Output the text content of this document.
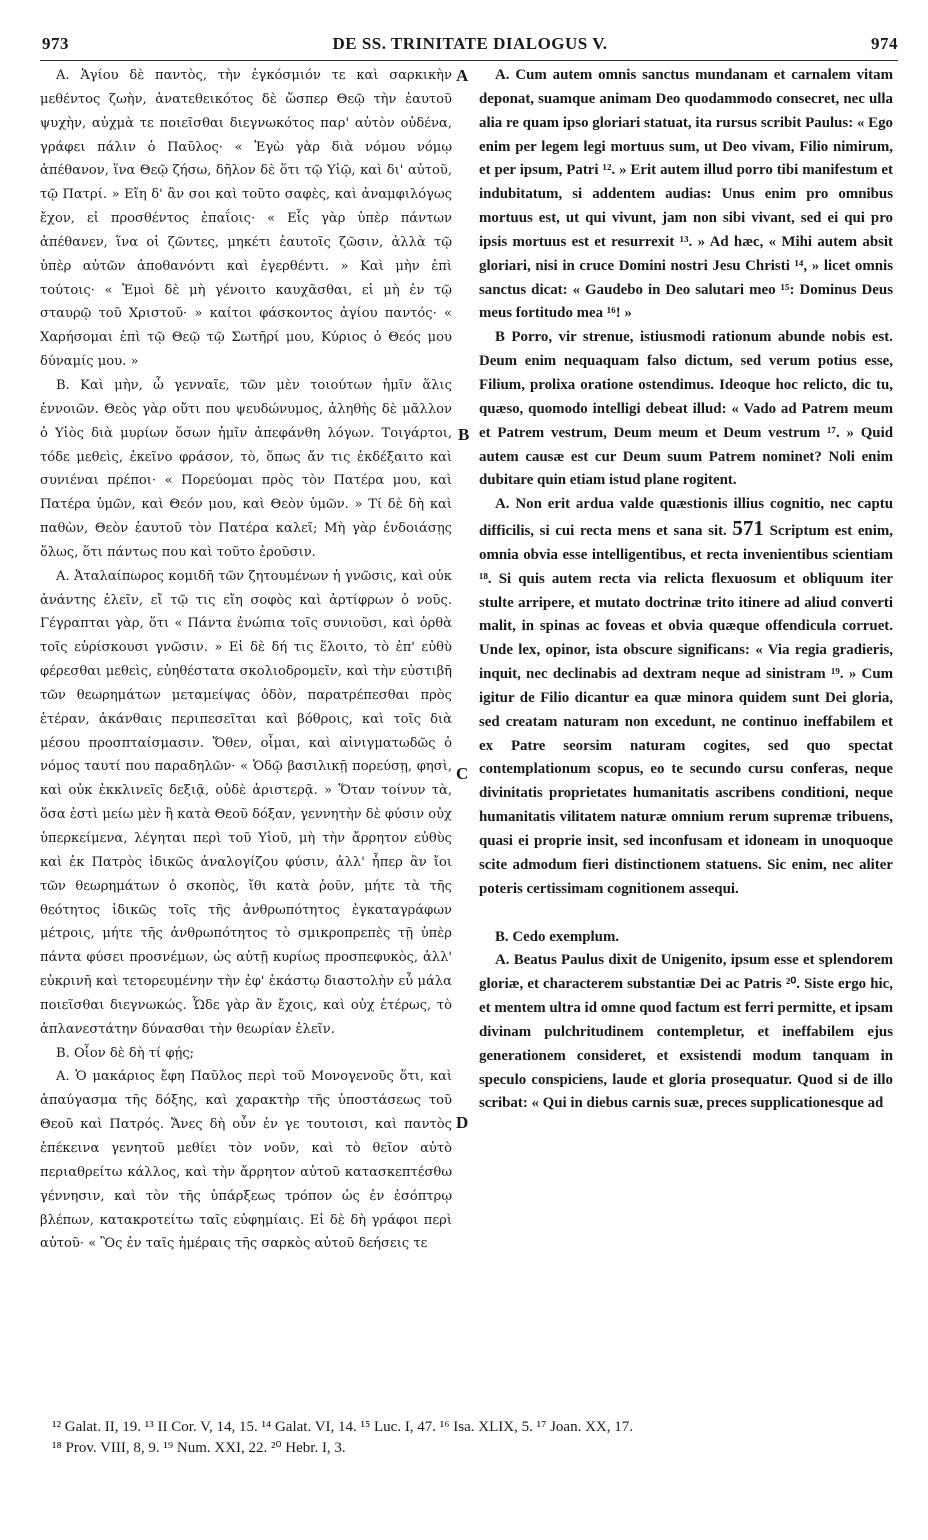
973	DE SS. TRINITATE DIALOGUS V.	974

Α. Ἁγίου δὲ παντὸς, τὴν ἐγκόσμιόν τε καὶ σαρκικὴν μεθέντος ζωὴν, ἀνατεθεικότος δὲ ὥσπερ Θεῷ τὴν ἑαυτοῦ ψυχὴν, αὐχμὰ τε ποιεῖσθαι διεγνωκότος παρ' αὐτὸν οὐδένα, γράφει πάλιν ὁ Παῦλος· « Ἐγὼ γὰρ διὰ νόμου νόμῳ ἀπέθανον, ἵνα Θεῷ ζήσω, δῆλον δὲ ὅτι τῷ Υἱῷ, καὶ δι' αὐτοῦ, τῷ Πατρί. » Εἴη δ' ἂν σοι καὶ τοῦτο σαφὲς, καὶ ἀναμφιλόγως ἔχον, εἰ προσθέντος ἐπαΐοις· « Εἷς γὰρ ὑπὲρ πάντων ἀπέθανεν, ἵνα οἱ ζῶντες, μηκέτι ἑαυτοῖς ζῶσιν, ἀλλὰ τῷ ὑπὲρ αὐτῶν ἀποθανόντι καὶ ἐγερθέντι. » Καὶ μὴν ἐπὶ τούτοις· « Ἐμοὶ δὲ μὴ γένοιτο καυχᾶσθαι, εἰ μὴ ἐν τῷ σταυρῷ τοῦ Χριστοῦ· » καίτοι φάσκοντος ἁγίου παντός· « Χαρήσομαι ἐπὶ τῷ Θεῷ τῷ Σωτῆρί μου, Κύριος ὁ Θεός μου δύναμίς μου. »

B. Καὶ μὴν, ὦ γενναῖε, τῶν μὲν τοιούτων ἡμῖν ἅλις ἐννοιῶν. Θεὸς γὰρ οὔτι που ψευδώνυμος, ἀληθὴς δὲ μᾶλλον ὁ Υἱὸς διὰ μυρίων ὅσων ἡμῖν ἀπεφάνθη λόγων. Τοιγάρτοι, τόδε μεθεὶς, ἐκεῖνο φράσον, τὸ, ὅπως ἄν τις ἐκδέξαιτο καὶ συνιέναι πρέποι· « Πορεύομαι πρὸς τὸν Πατέρα μου, καὶ Πατέρα ὑμῶν, καὶ Θεόν μου, καὶ Θεὸν ὑμῶν. » Τί δὲ δὴ καὶ παθὼν, Θεὸν ἑαυτοῦ τὸν Πατέρα καλεῖ; Μὴ γὰρ ἐνδοιάσῃς ὅλως, ὅτι πάντως που καὶ τοῦτο ἐροῦσιν.

Α. Ἀταλαίπωρος κομιδῆ τῶν ζητουμένων ἡ γνῶσις, καὶ οὐκ ἀνάντης ἑλεῖν, εἴ τῷ τις εἴη σοφὸς καὶ ἀρτίφρων ὁ νοῦς. Γέγραπται γὰρ, ὅτι « Πάντα ἐνώπια τοῖς συνιοῦσι, καὶ ὀρθὰ τοῖς εὑρίσκουσι γνῶσιν. » Εἰ δὲ δή τις ἕλοιτο, τὸ ἐπ' εὐθὺ φέρεσθαι μεθεὶς, εὐηθέστατα σκολιοδρομεῖν, καὶ τὴν εὐστιβῆ τῶν θεωρημάτων μεταμείψας ὁδὸν, παρατρέπεσθαι πρὸς ἑτέραν, ἀκάνθαις περιπεσεῖται καὶ βόθροις, καὶ τοῖς διὰ μέσου προσπταίσμασιν. Ὅθεν, οἶμαι, καὶ αἰνιγματωδῶς ὁ νόμος ταυτί που παραδηλῶν· « Ὁδῷ βασιλικῇ πορεύσῃ, φησὶ, καὶ οὐκ ἐκκλινεῖς δεξιᾷ, οὐδὲ ἀριστερᾷ. » Ὅταν τοίνυν τὰ, ὅσα ἐστὶ μείω μὲν ἢ κατὰ Θεοῦ δόξαν, γεννητὴν δὲ φύσιν οὐχ ὑπερκείμενα, λέγηται περὶ τοῦ Υἱοῦ, μὴ τὴν ἄρρητον εὐθὺς καὶ ἐκ Πατρὸς ἰδικῶς ἀναλογίζου φύσιν, ἀλλ' ἧπερ ἂν ἴοι τῶν θεωρημάτων ὁ σκοπὸς, ἴθι κατὰ ῥοῦν, μήτε τὰ τῆς θεότητος ἰδικῶς τοῖς τῆς ἀνθρωπότητος ἐγκαταγράφων μέτροις, μήτε τῆς ἀνθρωπότητος τὸ σμικροπρεπὲς τῇ ὑπὲρ πάντα φύσει προσνέμων, ὡς αὐτῇ κυρίως προσπεφυκὸς, ἀλλ' εὐκρινῆ καὶ τετορευμένην τὴν ἐφ' ἑκάστῳ διαστολὴν εὖ μάλα ποιεῖσθαι διεγνωκώς. Ὧδε γὰρ ἂν ἔχοις, καὶ οὐχ ἑτέρως, τὸ ἀπλανεστάτην δύνασθαι τὴν θεωρίαν ἑλεῖν.

B. Οἷον δὲ δὴ τί φῄς;

Α. Ὁ μακάριος ἔφη Παῦλος περὶ τοῦ Μονογενοῦς ὅτι, καὶ ἀπαύγασμα τῆς δόξης, καὶ χαρακτὴρ τῆς ὑποστάσεως τοῦ Θεοῦ καὶ Πατρός. Ἄνες δὴ οὖν ἐν γε τουτοισι, καὶ παντὸς ἐπέκεινα γενητοῦ μεθίει τὸν νοῦν, καὶ τὸ θεῖον αὐτὸ περιαθρείτω κάλλος, καὶ τὴν ἄρρητον αὐτοῦ κατασκεπτέσθω γέννησιν, καὶ τὸν τῆς ὑπάρξεως τρόπον ὡς ἐν ἐσόπτρῳ βλέπων, κατακροτείτω ταῖς εὐφημίαις. Εἰ δὲ δὴ γράφοι περὶ αὐτοῦ· « Ὃς ἐν ταῖς ἡμέραις τῆς σαρκὸς αὐτοῦ δεήσεις τε

A
B
C
D

A. Cum autem omnis sanctus mundanam et carnalem vitam deponat, suamque animam Deo quodammodo consecret, nec ulla alia re quam ipso gloriari statuat, ita rursus scribit Paulus: « Ego enim per legem legi mortuus sum, ut Deo vivam, Filio nimirum, et per ipsum, Patri ¹². » Erit autem illud porro tibi manifestum et indubitatum, si addentem audias: Unus enim pro omnibus mortuus est, ut qui vivunt, jam non sibi vivant, sed ei qui pro ipsis mortuus est et resurrexit ¹³. » Ad hæc, « Mihi autem absit gloriari, nisi in cruce Domini nostri Jesu Christi ¹⁴, » licet omnis sanctus dicat: « Gaudebo in Deo salutari meo ¹⁵: Dominus Deus meus fortitudo mea ¹⁶! »

B Porro, vir strenue, istiusmodi rationum abunde nobis est. Deum enim nequaquam falso dictum, sed verum potius esse, Filium, prolixa oratione ostendimus. Ideoque hoc relicto, dic tu, quæso, quomodo intelligi debeat illud: « Vado ad Patrem meum et Patrem vestrum, Deum meum et Deum vestrum ¹⁷. » Quid autem causæ est cur Deum suum Patrem nominet? Noli enim dubitare quin etiam istud plane rogitent.

A. Non erit ardua valde quæstionis illius cognitio, nec captu difficilis, si cui recta mens et sana sit. 571 Scriptum est enim, omnia obvia esse intelligentibus, et recta invenientibus scientiam ¹⁸. Si quis autem recta via relicta flexuosum et obliquum iter stulte arripere, et mutato doctrinæ trito itinere ad aliud converti malit, in spinas ac foveas et obvia quæque offendicula corruet. Unde lex, opinor, ista obscure significans: « Via regia gradieris, inquit, nec declinabis ad dextram neque ad sinistram ¹⁹. » Cum igitur de Filio dicantur ea quæ minora quidem sunt Dei gloria, sed creatam naturam non excedunt, ne continuo ineffabilem et ex Patre seorsim naturam cogites, sed quo spectat contemplationum scopus, eo te secundo cursu conferas, neque divinitatis proprietates humanitatis ascribens conditioni, neque humanitatis vilitatem naturæ omnium rerum supremæ tribuens, quasi ei proprie insit, sed inconfusam et idoneam in unoquoque scite admodum fieri distinctionem statuens. Sic enim, nec aliter poteris certissimam cognitionem assequi.

B. Cedo exemplum.

A. Beatus Paulus dixit de Unigenito, ipsum esse et splendorem gloriæ, et characterem substantiæ Dei ac Patris ²⁰. Siste ergo hic, et mentem ultra id omne quod factum est ferri permitte, et ipsam divinam pulchritudinem contempletur, et ineffabilem ejus generationem consideret, et exsistendi modum tanquam in speculo conspiciens, laude et gloria prosequatur. Quod si de illo scribat: « Qui in diebus carnis suæ, preces supplicationesque ad

¹² Galat. II, 19. ¹³ II Cor. V, 14, 15. ¹⁴ Galat. VI, 14. ¹⁵ Luc. I, 47. ¹⁶ Isa. XLIX, 5. ¹⁷ Joan. XX, 17.
¹⁸ Prov. VIII, 8, 9. ¹⁹ Num. XXI, 22. ²⁰ Hebr. I, 3.
